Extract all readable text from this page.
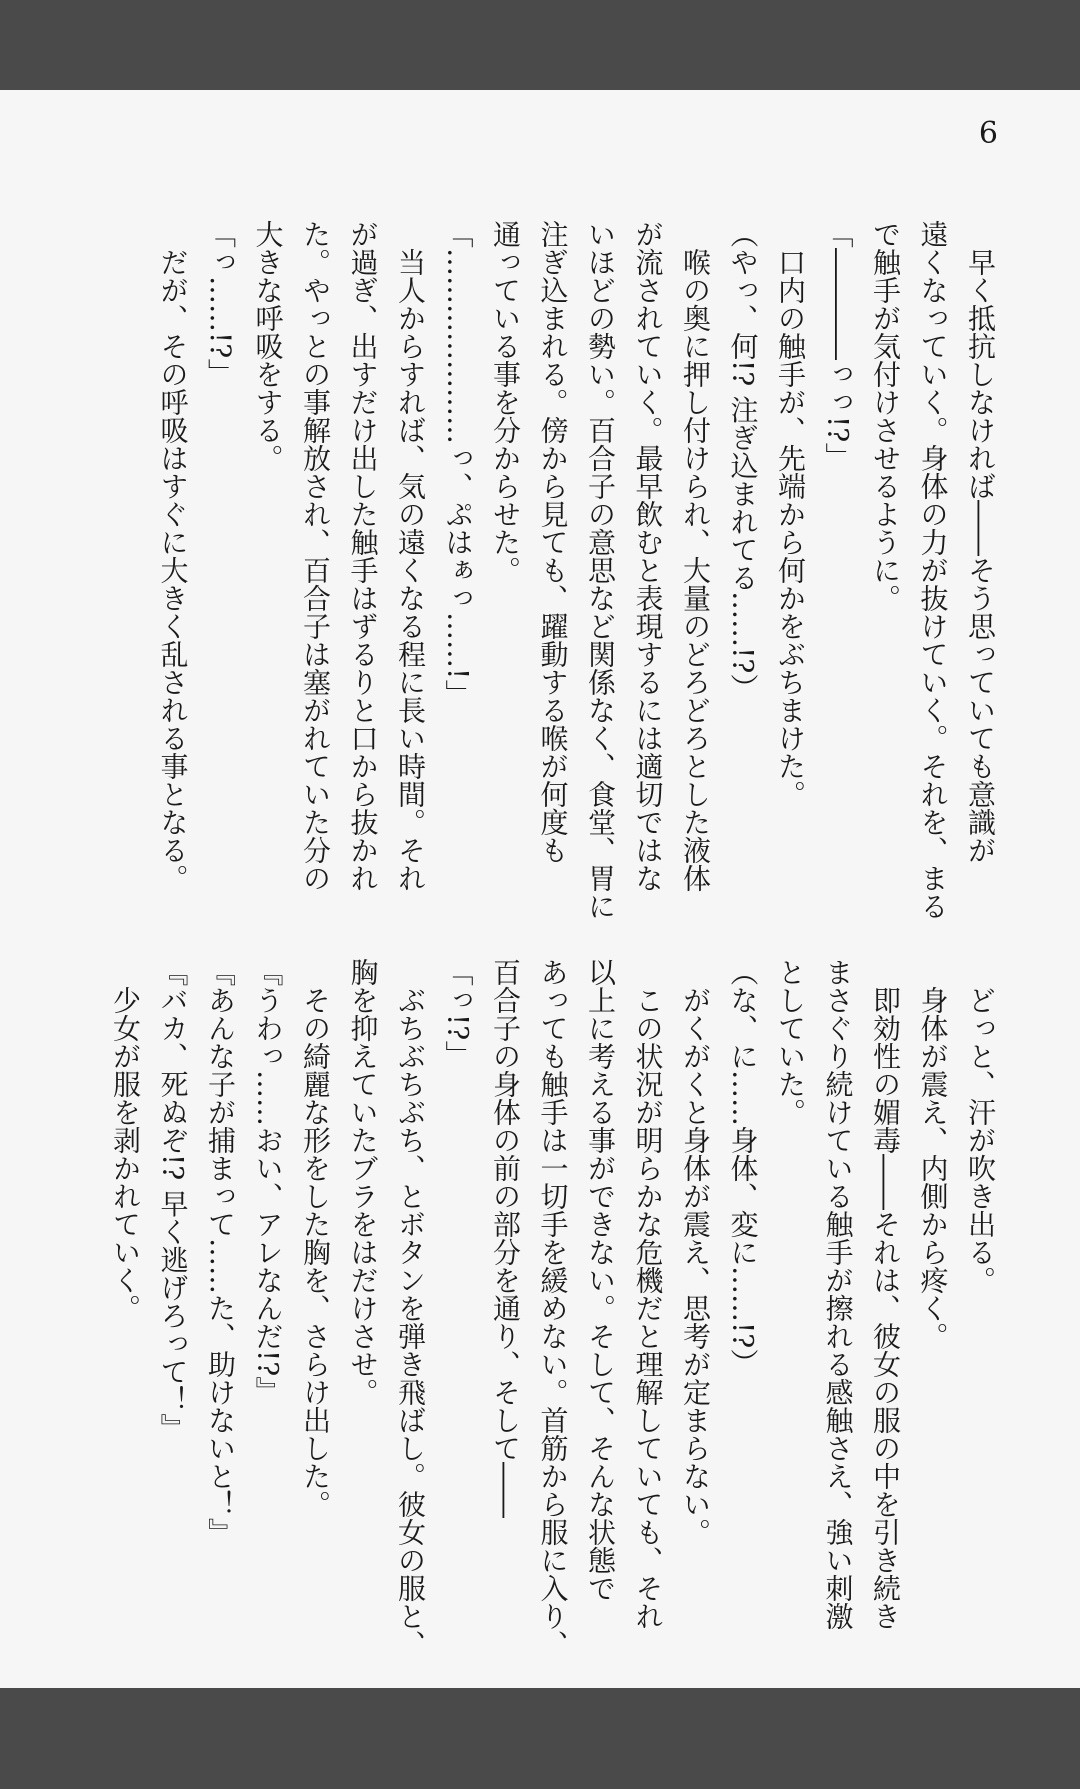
6

　早く抵抗しなければ――そう思っていても意識が

遠くなっていく。身体の力が抜けていく。それを、まる

で触手が気付けさせるように。

「――――っっ!?」

　口内の触手が、先端から何かをぶちまけた。

（やっ、何!? 注ぎ込まれてる……!?）

　喉の奥に押し付けられ、大量のどろどろとした液体

が流されていく。最早飲むと表現するには適切ではな

いほどの勢い。百合子の意思など関係なく、食堂、胃に

注ぎ込まれる。傍から見ても、躍動する喉が何度も

通っている事を分からせた。

「…………………っ、ぷはぁっ……!」

　当人からすれば、気の遠くなる程に長い時間。それ

が過ぎ、出すだけ出した触手はずるりと口から抜かれ

た。やっとの事解放され、百合子は塞がれていた分の

大きな呼吸をする。

「っ……!?」

　だが、その呼吸はすぐに大きく乱される事となる。

　どっと、汗が吹き出る。

　身体が震え、内側から疼く。

　即効性の媚毒――それは、彼女の服の中を引き続き

まさぐり続けている触手が擦れる感触さえ、強い刺激

としていた。

（な、に……身体、変に……!?）

　がくがくと身体が震え、思考が定まらない。

　この状況が明らかな危機だと理解していても、それ

以上に考える事ができない。そして、そんな状態で

あっても触手は一切手を緩めない。首筋から服に入り、

百合子の身体の前の部分を通り、そして――

「っ!?」

　ぶちぶちぶち、とボタンを弾き飛ばし。彼女の服と、

胸を抑えていたブラをはだけさせ。

　その綺麗な形をした胸を、さらけ出した。

『うわっ……おい、アレなんだ!?』

『あんな子が捕まって……た、助けないと！』

『バカ、死ぬぞ!? 早く逃げろって！』

　少女が服を剥かれていく。
